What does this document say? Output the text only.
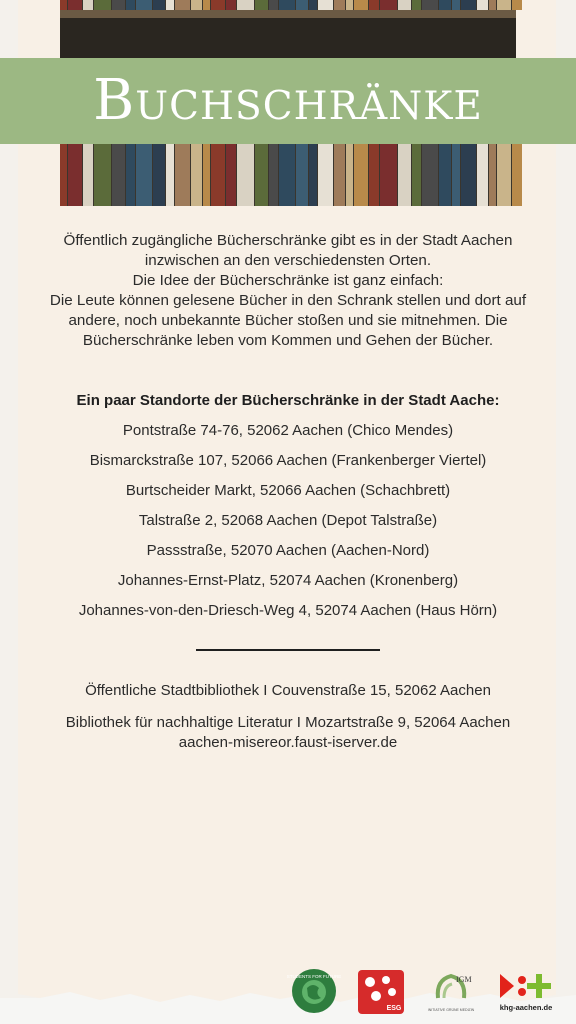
Buchschränke

Öffentlich zugängliche Bücherschränke gibt es in der Stadt Aachen inzwischen an den verschiedensten Orten.

Die Idee der Bücherschränke ist ganz einfach:

Die Leute können gelesene Bücher in den Schrank stellen und dort auf andere, noch unbekannte Bücher stoßen und sie mitnehmen. Die Bücherschränke leben vom Kommen und Gehen der Bücher.

Ein paar Standorte der Bücherschränke in der Stadt Aache:
Pontstraße 74-76, 52062 Aachen (Chico Mendes)
Bismarckstraße 107, 52066 Aachen (Frankenberger Viertel)
Burtscheider Markt, 52066 Aachen (Schachbrett)
Talstraße 2, 52068 Aachen (Depot Talstraße)
Passstraße, 52070 Aachen (Aachen-Nord)
Johannes-Ernst-Platz, 52074 Aachen (Kronenberg)
Johannes-von-den-Driesch-Weg 4, 52074 Aachen (Haus Hörn)
Öffentliche Stadtbibliothek I Couvenstraße 15, 52062 Aachen
Bibliothek für nachhaltige Literatur I Mozartstraße 9, 52064 Aachen
aachen-misereor.faust-iserver.de
STUDENTS FOR FUTURE
ESG
IGM
INITIATIVE GRÜNE MEDIZIN	khg-aachen.de
